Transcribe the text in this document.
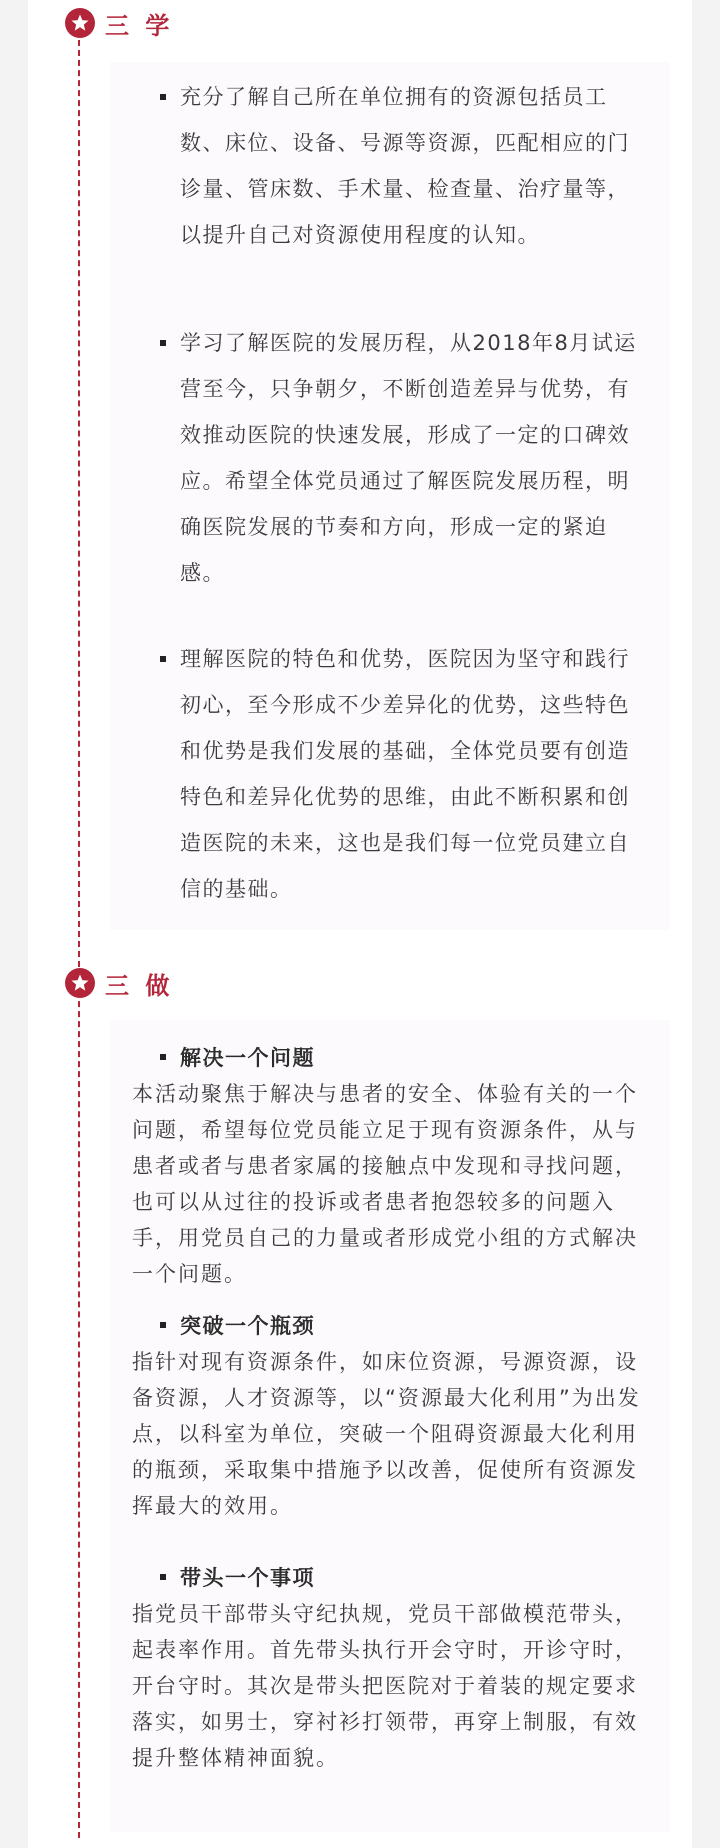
三 学
充分了解自己所在单位拥有的资源包括员工数、床位、设备、号源等资源，匹配相应的门诊量、管床数、手术量、检查量、治疗量等，以提升自己对资源使用程度的认知。
学习了解医院的发展历程，从2018年8月试运营至今，只争朝夕，不断创造差异与优势，有效推动医院的快速发展，形成了一定的口碑效应。希望全体党员通过了解医院发展历程，明确医院发展的节奏和方向，形成一定的紧迫感。
理解医院的特色和优势，医院因为坚守和践行初心，至今形成不少差异化的优势，这些特色和优势是我们发展的基础，全体党员要有创造特色和差异化优势的思维，由此不断积累和创造医院的未来，这也是我们每一位党员建立自信的基础。
三 做
解决一个问题
本活动聚焦于解决与患者的安全、体验有关的一个问题，希望每位党员能立足于现有资源条件，从与患者或者与患者家属的接触点中发现和寻找问题，也可以从过往的投诉或者患者抱怨较多的问题入手，用党员自己的力量或者形成党小组的方式解决一个问题。
突破一个瓶颈
指针对现有资源条件，如床位资源，号源资源，设备资源，人才资源等，以“资源最大化利用”为出发点，以科室为单位，突破一个阻碍资源最大化利用的瓶颈，采取集中措施予以改善，促使所有资源发挥最大的效用。
带头一个事项
指党员干部带头守纪执规，党员干部做模范带头，起表率作用。首先带头执行开会守时，开诊守时，开台守时。其次是带头把医院对于着装的规定要求落实，如男士，穿衬衫打领带，再穿上制服，有效提升整体精神面貌。
